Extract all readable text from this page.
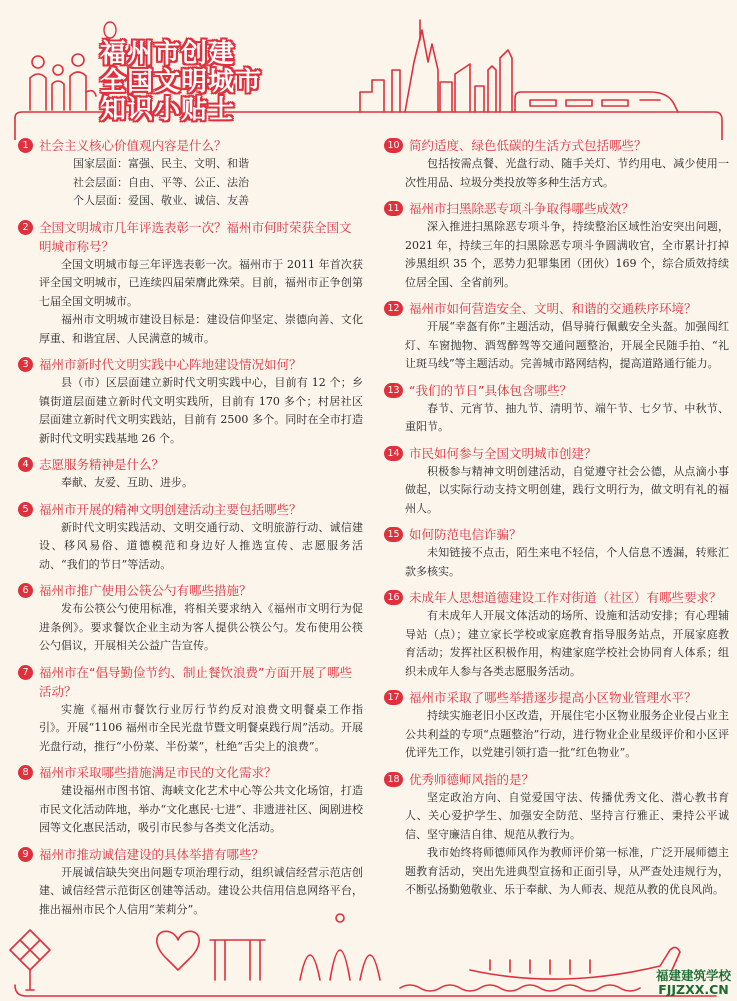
福州市创建
全国文明城市
知识小贴士
1 社会主义核心价值观内容是什么？
国家层面：富强、民主、文明、和谐
社会层面：自由、平等、公正、法治
个人层面：爱国、敬业、诚信、友善
2 全国文明城市几年评选表彰一次？福州市何时荣获全国文明城市称号？
全国文明城市每三年评选表彰一次。福州市于 2011 年首次获评全国文明城市，已连续四届荣膺此殊荣。目前，福州市正争创第七届全国文明城市。
福州市文明城市建设目标是：建设信仰坚定、崇德向善、文化厚重、和谐宜居、人民满意的城市。
3 福州市新时代文明实践中心阵地建设情况如何？
县（市）区层面建立新时代文明实践中心，目前有 12 个；乡镇街道层面建立新时代文明实践所，目前有 170 多个；村居社区层面建立新时代文明实践站，目前有 2500 多个。同时在全市打造新时代文明实践基地 26 个。
4 志愿服务精神是什么？
奉献、友爱、互助、进步。
5 福州市开展的精神文明创建活动主要包括哪些？
新时代文明实践活动、文明交通行动、文明旅游行动、诚信建设、移风易俗、道德模范和身边好人推选宣传、志愿服务活动、“我们的节日”等活动。
6 福州市推广使用公筷公勺有哪些措施？
发布公筷公勺使用标准，将相关要求纳入《福州市文明行为促进条例》。要求餐饮企业主动为客人提供公筷公勺。发布使用公筷公勺倡议，开展相关公益广告宣传。
7 福州市在“倡导勤俭节约、制止餐饮浪费”方面开展了哪些活动？
实施《福州市餐饮行业厉行节约反对浪费文明餐桌工作指引》。开展“1106 福州市全民光盘节暨文明餐桌践行周”活动。开展光盘行动，推行“小份菜、半份菜”，杜绝“舌尖上的浪费”。
8 福州市采取哪些措施满足市民的文化需求？
建设福州市图书馆、海峡文化艺术中心等公共文化场馆，打造市民文化活动阵地，举办“文化惠民·七进”、非遗进社区、闽剧进校园等文化惠民活动，吸引市民参与各类文化活动。
9 福州市推动诚信建设的具体举措有哪些？
开展诚信缺失突出问题专项治理行动，组织诚信经营示范店创建、诚信经营示范街区创建等活动。建设公共信用信息网络平台，推出福州市民个人信用“茉莉分”。
10 简约适度、绿色低碳的生活方式包括哪些？
包括按需点餐、光盘行动、随手关灯、节约用电、减少使用一次性用品、垃圾分类投放等多种生活方式。
11 福州市扫黑除恶专项斗争取得哪些成效？
深入推进扫黑除恶专项斗争，持续整治区域性治安突出问题，2021 年，持续三年的扫黑除恶专项斗争圆满收官，全市累计打掉涉黑组织 35 个，恶势力犯罪集团（团伙）169 个，综合质效持续位居全国、全省前列。
12 福州市如何营造安全、文明、和谐的交通秩序环境？
开展“幸盔有你”主题活动，倡导骑行佩戴安全头盔。加强闯红灯、车窗抛物、酒驾醉驾等交通问题整治，开展全民随手拍、“礼让斑马线”等主题活动。完善城市路网结构，提高道路通行能力。
13 “我们的节日”具体包含哪些？
春节、元宵节、抽九节、清明节、端午节、七夕节、中秋节、重阳节。
14 市民如何参与全国文明城市创建？
积极参与精神文明创建活动，自觉遵守社会公德，从点滴小事做起，以实际行动支持文明创建，践行文明行为，做文明有礼的福州人。
15 如何防范电信诈骗？
未知链接不点击，陌生来电不轻信，个人信息不透漏，转账汇款多核实。
16 未成年人思想道德建设工作对街道（社区）有哪些要求？
有未成年人开展文体活动的场所、设施和活动安排；有心理辅导站（点）；建立家长学校或家庭教育指导服务站点，开展家庭教育活动；发挥社区积极作用，构建家庭学校社会协同育人体系；组织未成年人参与各类志愿服务活动。
17 福州市采取了哪些举措逐步提高小区物业管理水平？
持续实施老旧小区改造，开展住宅小区物业服务企业侵占业主公共利益的专项“点题整治”行动，进行物业企业星级评价和小区评优评先工作，以党建引领打造一批“红色物业”。
18 优秀师德师风指的是？
坚定政治方向、自觉爱国守法、传播优秀文化、潜心教书育人、关心爱护学生、加强安全防范、坚持言行雅正、秉持公平诚信、坚守廉洁自律、规范从教行为。
我市始终将师德师风作为教师评价第一标准，广泛开展师德主题教育活动，突出先进典型宣扬和正面引导，从严查处违规行为，不断弘扬勤勉敬业、乐于奉献、为人师表、规范从教的优良风尚。
福建建筑学校
FJJZXX.CN
